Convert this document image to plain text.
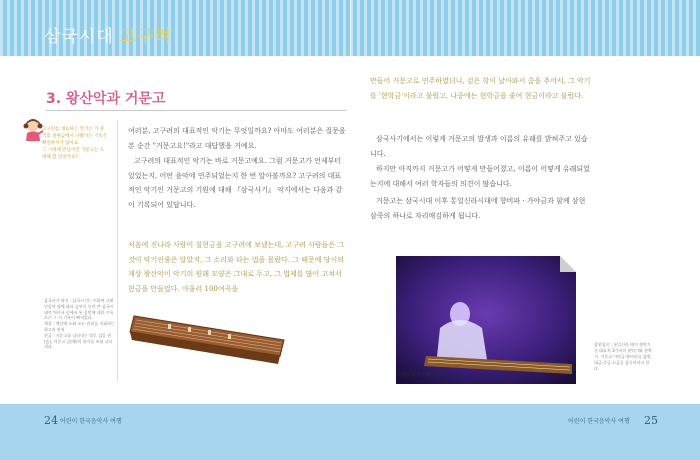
삼국시대 고구려
3. 왕산악과 거문고
고구려를 대표하는 악기는 가 중국의 칠현금에서 나왔다는 기록은 확실하지가 않아요.
그 시대에 만들어진 거문고는 도대체 할 일일까요?
여러분, 고구려의 대표적인 악기는 무엇일까요? 아마도 여러분은 질문을 본 순간 "거문고요!"라고 대답했을 거예요.
고구려의 대표적인 악기는 바로 거문고예요. 그럼 거문고가 언제부터 있었는지, 어떤 음악에 연주되었는지 한 번 알아볼까요? 고구려의 대표적인 악기인 거문고의 기원에 대해 『삼국사기』 악지에서는 다음과 같이 기록되어 있답니다.
처음에 진나라 사람이 칠현금을 고구려에 보냈는데, 고구려 사람들은 그것이 악기인줄은 알았지, 그 소리와 타는 법을 몰랐다. 그 때문에 당시의 재상 왕산악이 악기의 원래 모양은 그대로 두고, 그 법제를 많이 고쳐서 현금을 만들었다. 아울러 100여곡을
삼국사기 악지 : 삼국시기는 이하여 고려 인종의 명에 따라 김부식 등이 쓴 삼국시대의 역사서 중에서 통 음악에 대한 기록으로 그 이 기록이 빠져있다.
재상 : 옛날에 도와 모든 관리를 지휘하는 최고의 관직
현금 : 거문고를 나타내는 말로 검을 현(玄), 거문고 금(琴)의 한자를 조합 나타낸다.
만들어 거문고로 연주하였더니, 검은 학이 날아와서 춤을 추어서, 그 악기를 '현학금'이라고 불렀고, 나중에는 현학금을 줄여 현금이라고 불렀다.
삼국사기에서는 이렇게 거문고의 발생과 이름의 유래를 밝혀주고 있습니다.
하지만 아직까지 거문고가 어떻게 만들어졌고, 이름이 어떻게 유래되었는지에 대해서 여러 학자들의 의견이 많습니다.
거문고는 삼국시대 이후 통일신라시대에 향비파 · 가야금과 함께 삼현삼죽의 하나로 자리매김하게 됩니다.
거문고를 연주하는 모습
삼현삼죽 : 통일신라 때의 향악기 중 대표적 3가지의 현악기와 관악기. 거문고·가야금·향비파를 삼현, 대금·중금·소금을 삼죽이라고 한다.
24 어린이 한국음악사 여행	어린이 한국음악사 여행 25
